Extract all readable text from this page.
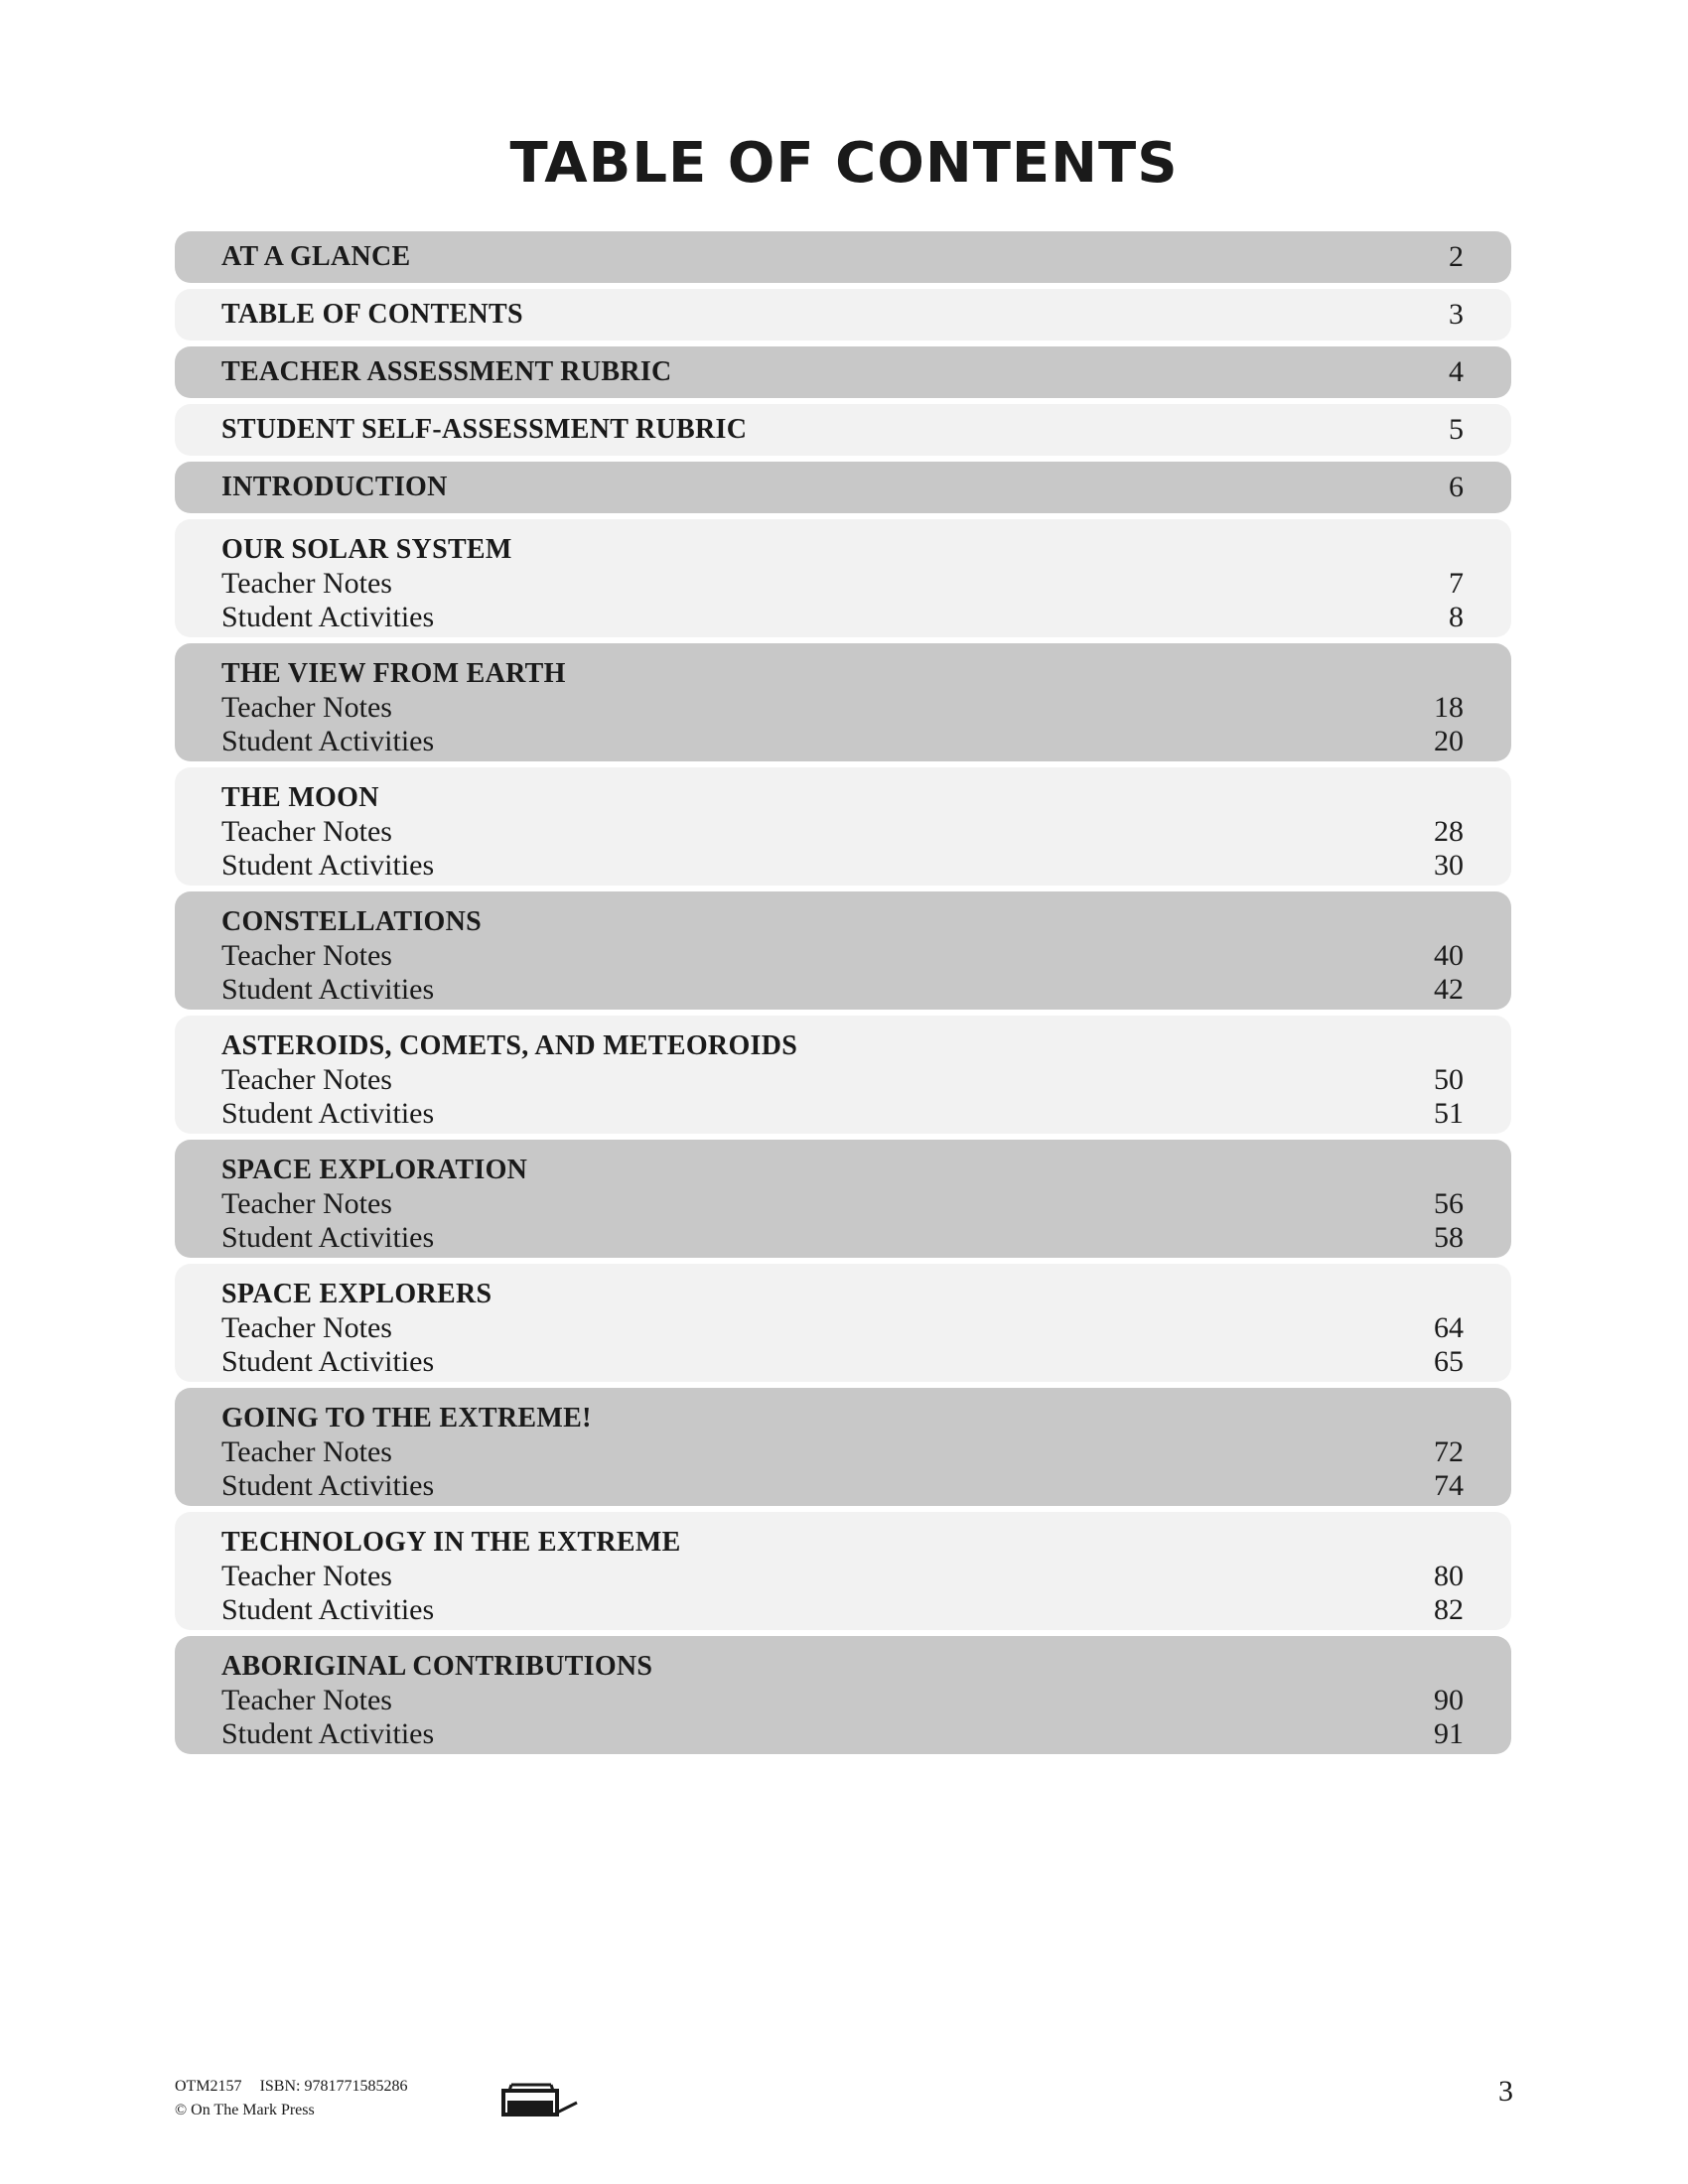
TABLE OF CONTENTS
AT A GLANCE	2
TABLE OF CONTENTS	3
TEACHER ASSESSMENT RUBRIC	4
STUDENT SELF-ASSESSMENT RUBRIC	5
INTRODUCTION	6
OUR SOLAR SYSTEM
Teacher Notes	7
Student Activities	8
THE VIEW FROM EARTH
Teacher Notes	18
Student Activities	20
THE MOON
Teacher Notes	28
Student Activities	30
CONSTELLATIONS
Teacher Notes	40
Student Activities	42
ASTEROIDS, COMETS, AND METEOROIDS
Teacher Notes	50
Student Activities	51
SPACE EXPLORATION
Teacher Notes	56
Student Activities	58
SPACE EXPLORERS
Teacher Notes	64
Student Activities	65
GOING TO THE EXTREME!
Teacher Notes	72
Student Activities	74
TECHNOLOGY IN THE EXTREME
Teacher Notes	80
Student Activities	82
ABORIGINAL CONTRIBUTIONS
Teacher Notes	90
Student Activities	91
OTM2157 ISBN: 9781771585286
© On The Mark Press
3
